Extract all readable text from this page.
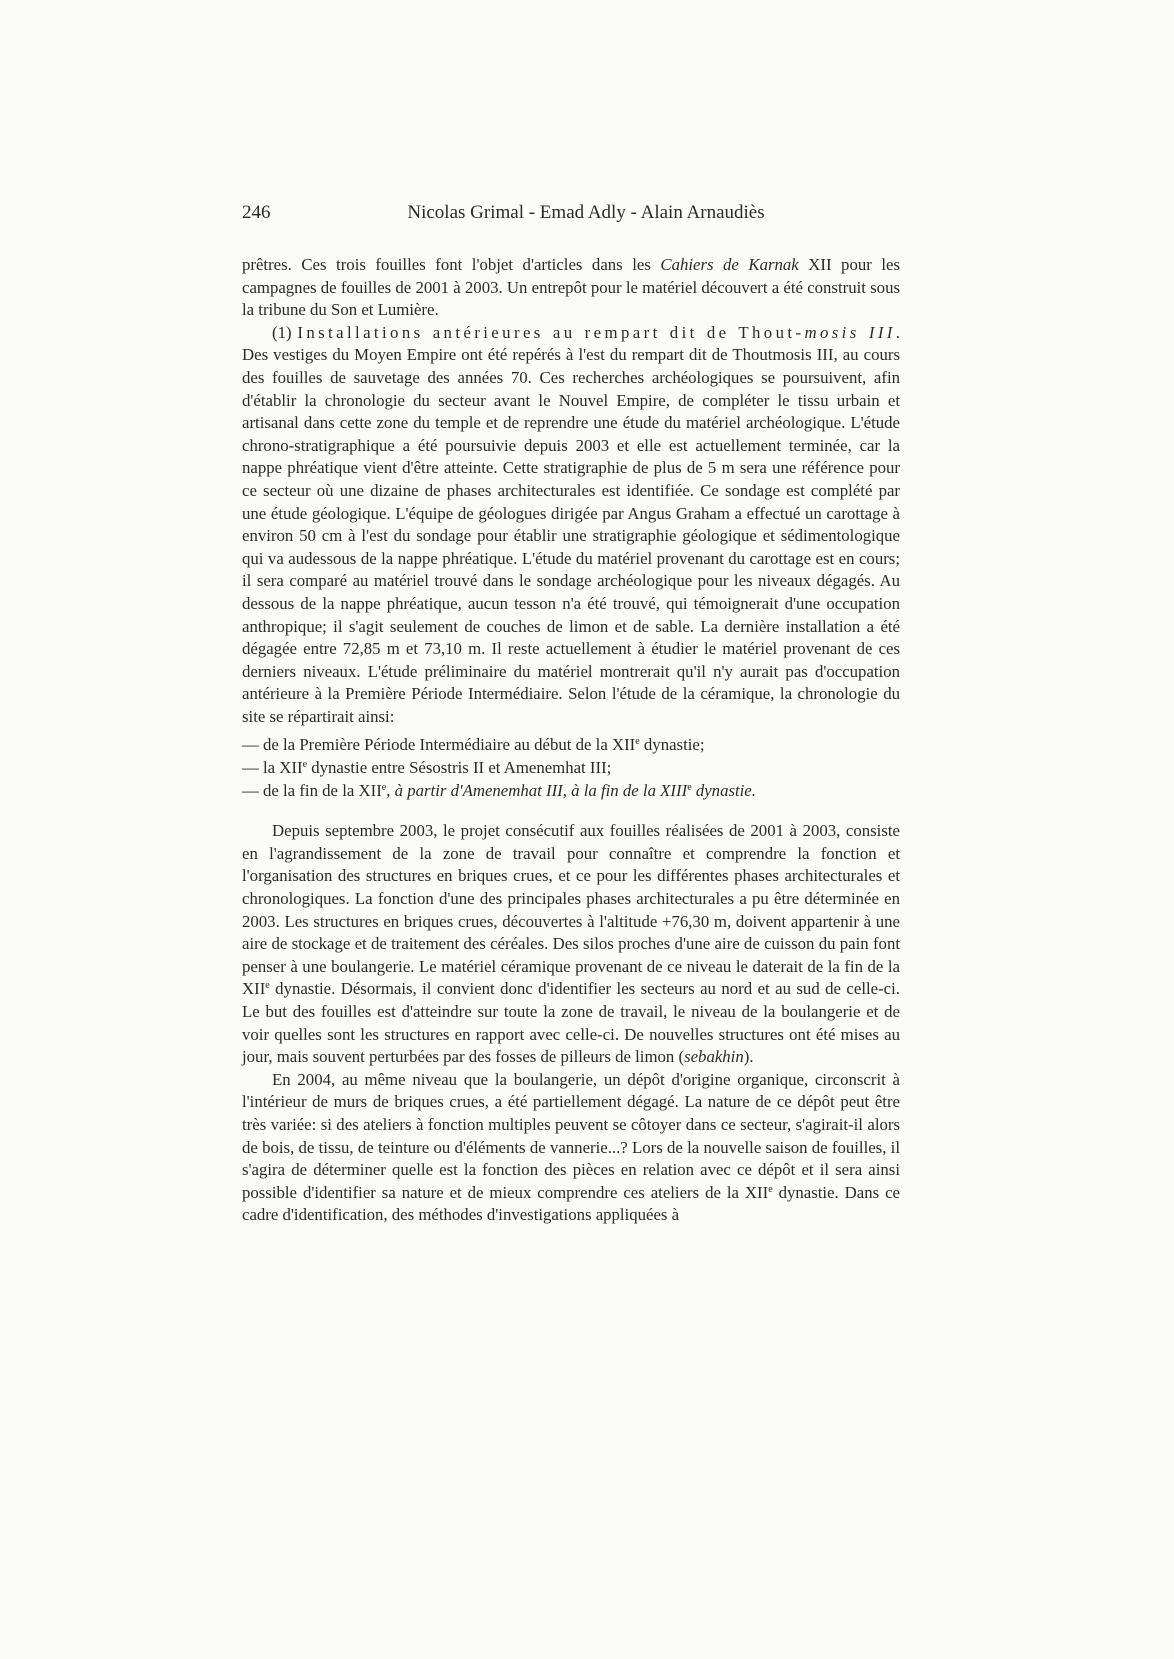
246	Nicolas Grimal - Emad Adly - Alain Arnaudiès

prêtres. Ces trois fouilles font l'objet d'articles dans les Cahiers de Karnak XII pour les campagnes de fouilles de 2001 à 2003. Un entrepôt pour le matériel découvert a été construit sous la tribune du Son et Lumière.

(1) Installations antérieures au rempart dit de Thout-mosis III. Des vestiges du Moyen Empire ont été repérés à l'est du rempart dit de Thoutmosis III, au cours des fouilles de sauvetage des années 70. Ces recherches archéologiques se poursuivent, afin d'établir la chronologie du secteur avant le Nouvel Empire, de compléter le tissu urbain et artisanal dans cette zone du temple et de reprendre une étude du matériel archéologique. L'étude chrono-stratigraphique a été poursuivie depuis 2003 et elle est actuellement terminée, car la nappe phréatique vient d'être atteinte. Cette stratigraphie de plus de 5 m sera une référence pour ce secteur où une dizaine de phases architecturales est identifiée. Ce sondage est complété par une étude géologique. L'équipe de géologues dirigée par Angus Graham a effectué un carottage à environ 50 cm à l'est du sondage pour établir une stratigraphie géologique et sédimentologique qui va audessous de la nappe phréatique. L'étude du matériel provenant du carottage est en cours; il sera comparé au matériel trouvé dans le sondage archéologique pour les niveaux dégagés. Au dessous de la nappe phréatique, aucun tesson n'a été trouvé, qui témoignerait d'une occupation anthropique; il s'agit seulement de couches de limon et de sable. La dernière installation a été dégagée entre 72,85 m et 73,10 m. Il reste actuellement à étudier le matériel provenant de ces derniers niveaux. L'étude préliminaire du matériel montrerait qu'il n'y aurait pas d'occupation antérieure à la Première Période Intermédiaire. Selon l'étude de la céramique, la chronologie du site se répartirait ainsi:

— de la Première Période Intermédiaire au début de la XIIe dynastie;
— la XIIe dynastie entre Sésostris II et Amenemhat III;
— de la fin de la XIIe, à partir d'Amenemhat III, à la fin de la XIIIe dynastie.

Depuis septembre 2003, le projet consécutif aux fouilles réalisées de 2001 à 2003, consiste en l'agrandissement de la zone de travail pour connaître et comprendre la fonction et l'organisation des structures en briques crues, et ce pour les différentes phases architecturales et chronologiques. La fonction d'une des principales phases architecturales a pu être déterminée en 2003. Les structures en briques crues, découvertes à l'altitude +76,30 m, doivent appartenir à une aire de stockage et de traitement des céréales. Des silos proches d'une aire de cuisson du pain font penser à une boulangerie. Le matériel céramique provenant de ce niveau le daterait de la fin de la XIIe dynastie. Désormais, il convient donc d'identifier les secteurs au nord et au sud de celle-ci. Le but des fouilles est d'atteindre sur toute la zone de travail, le niveau de la boulangerie et de voir quelles sont les structures en rapport avec celle-ci. De nouvelles structures ont été mises au jour, mais souvent perturbées par des fosses de pilleurs de limon (sebakhin).

En 2004, au même niveau que la boulangerie, un dépôt d'origine organique, circonscrit à l'intérieur de murs de briques crues, a été partiellement dégagé. La nature de ce dépôt peut être très variée: si des ateliers à fonction multiples peuvent se côtoyer dans ce secteur, s'agirait-il alors de bois, de tissu, de teinture ou d'éléments de vannerie...? Lors de la nouvelle saison de fouilles, il s'agira de déterminer quelle est la fonction des pièces en relation avec ce dépôt et il sera ainsi possible d'identifier sa nature et de mieux comprendre ces ateliers de la XIIe dynastie. Dans ce cadre d'identification, des méthodes d'investigations appliquées à
